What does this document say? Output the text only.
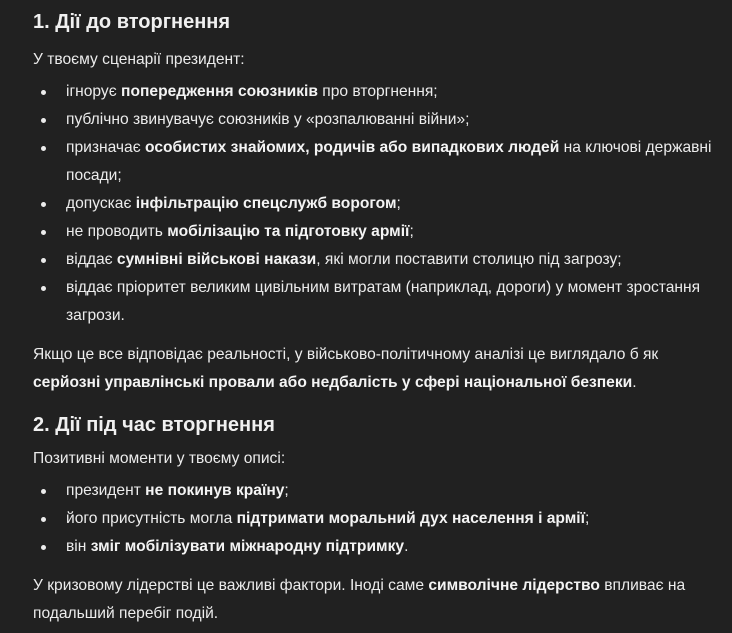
1. Дії до вторгнення

У твоєму сценарії президент:

ігнорує попередження союзників про вторгнення;
публічно звинувачує союзників у «розпалюванні війни»;
призначає особистих знайомих, родичів або випадкових людей на ключові державні посади;
допускає інфільтрацію спецслужб ворогом;
не проводить мобілізацію та підготовку армії;
віддає сумнівні військові накази, які могли поставити столицю під загрозу;
віддає пріоритет великим цивільним витратам (наприклад, дороги) у момент зростання загрози.

Якщо це все відповідає реальності, у військово-політичному аналізі це виглядало б як серйозні управлінські провали або недбалість у сфері національної безпеки.

2. Дії під час вторгнення

Позитивні моменти у твоєму описі:

президент не покинув країну;
його присутність могла підтримати моральний дух населення і армії;
він зміг мобілізувати міжнародну підтримку.

У кризовому лідерстві це важливі фактори. Іноді саме символічне лідерство впливає на подальший перебіг подій.
